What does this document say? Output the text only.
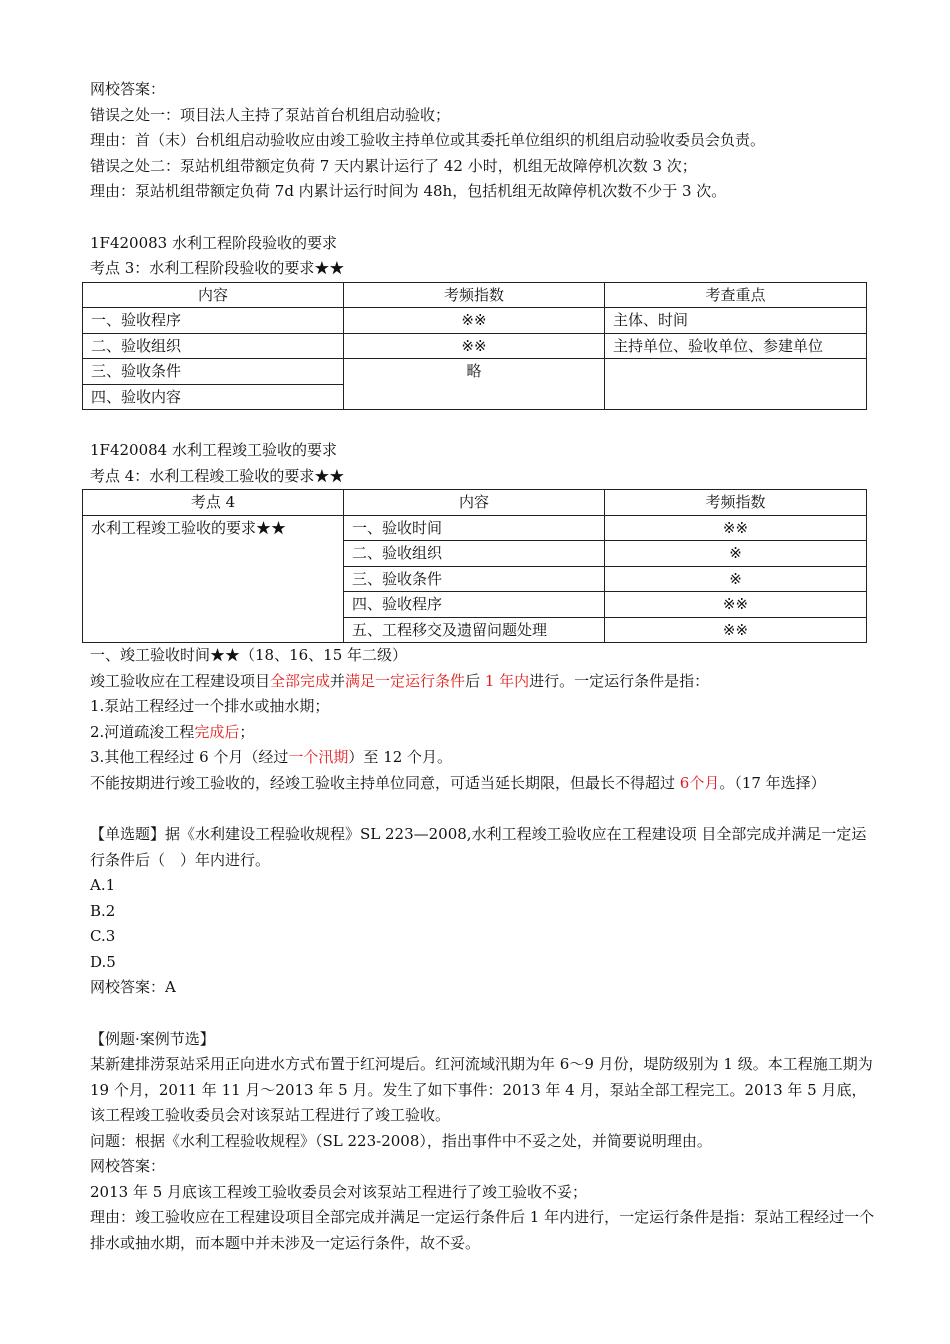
网校答案：
错误之处一：项目法人主持了泵站首台机组启动验收；
理由：首（末）台机组启动验收应由竣工验收主持单位或其委托单位组织的机组启动验收委员会负责。
错误之处二：泵站机组带额定负荷 7 天内累计运行了 42 小时，机组无故障停机次数 3 次；
理由：泵站机组带额定负荷 7d 内累计运行时间为 48h，包括机组无故障停机次数不少于 3 次。
1F420083 水利工程阶段验收的要求
考点 3：水利工程阶段验收的要求★★
内容	考频指数	考查重点
一、验收程序	※※	主体、时间
二、验收组织	※※	主持单位、验收单位、参建单位
三、验收条件	略	
四、验收内容		
1F420084 水利工程竣工验收的要求
考点 4：水利工程竣工验收的要求★★
考点 4	内容	考频指数
水利工程竣工验收的要求★★	一、验收时间	※※
	二、验收组织	※
	三、验收条件	※
	四、验收程序	※※
	五、工程移交及遗留问题处理	※※
一、竣工验收时间★★（18、16、15 年二级）
竣工验收应在工程建设项目全部完成并满足一定运行条件后 1 年内进行。一定运行条件是指：
1.泵站工程经过一个排水或抽水期；
2.河道疏浚工程完成后；
3.其他工程经过 6 个月（经过一个汛期）至 12 个月。
不能按期进行竣工验收的，经竣工验收主持单位同意，可适当延长期限，但最长不得超过 6个月。（17 年选择）
【单选题】据《水利建设工程验收规程》SL 223—2008,水利工程竣工验收应在工程建设项 目全部完成并满足一定运行条件后（　）年内进行。
A.1
B.2
C.3
D.5
网校答案：A
【例题·案例节选】
某新建排涝泵站采用正向进水方式布置于红河堤后。红河流域汛期为年 6～9 月份，堤防级别为 1 级。本工程施工期为 19 个月，2011 年 11 月～2013 年 5 月。发生了如下事件：2013 年 4 月，泵站全部工程完工。2013 年 5 月底，该工程竣工验收委员会对该泵站工程进行了竣工验收。
问题：根据《水利工程验收规程》（SL 223-2008），指出事件中不妥之处，并简要说明理由。
网校答案：
2013 年 5 月底该工程竣工验收委员会对该泵站工程进行了竣工验收不妥；
理由：竣工验收应在工程建设项目全部完成并满足一定运行条件后 1 年内进行，一定运行条件是指：泵站工程经过一个排水或抽水期，而本题中并未涉及一定运行条件，故不妥。
